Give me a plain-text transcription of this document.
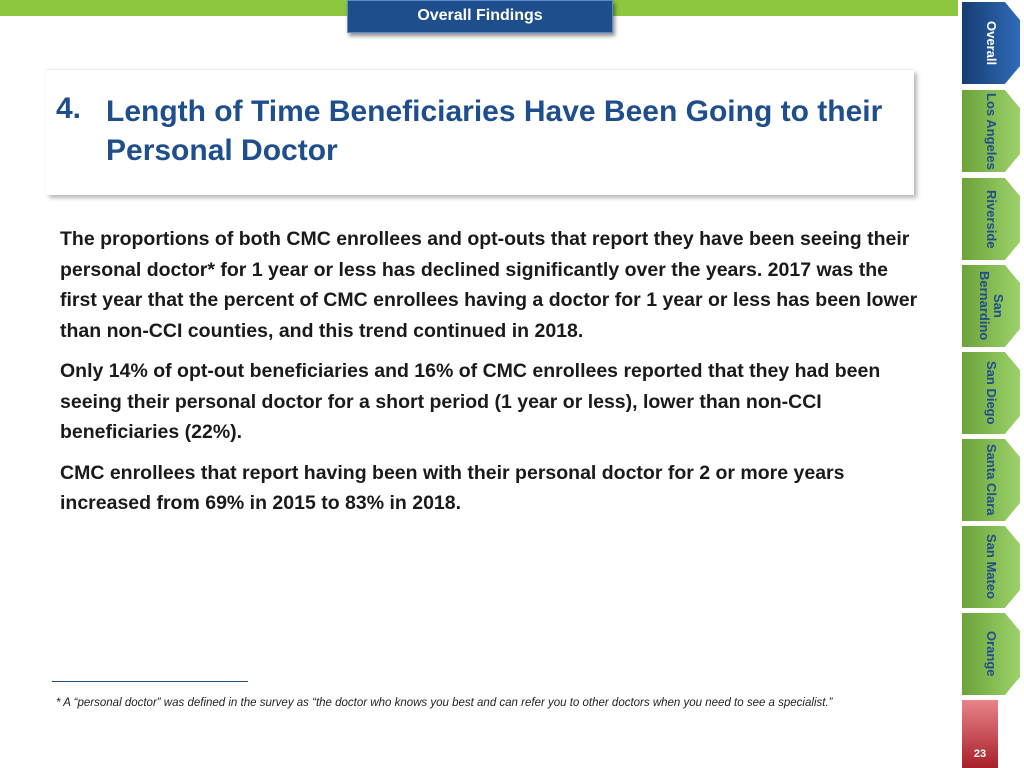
Overall Findings
4. Length of Time Beneficiaries Have Been Going to their Personal Doctor

The proportions of both CMC enrollees and opt-outs that report they have been seeing their personal doctor* for 1 year or less has declined significantly over the years. 2017 was the first year that the percent of CMC enrollees having a doctor for 1 year or less has been lower than non-CCI counties, and this trend continued in 2018.

Only 14% of opt-out beneficiaries and 16% of CMC enrollees reported that they had been seeing their personal doctor for a short period (1 year or less), lower than non-CCI beneficiaries (22%).

CMC enrollees that report having been with their personal doctor for 2 or more years increased from 69% in 2015 to 83% in 2018.

* A “personal doctor” was defined in the survey as “the doctor who knows you best and can refer you to other doctors when you need to see a specialist.”
Overall
Los Angeles
Riverside
San Bernardino
San Diego
Santa Clara
San Mateo
Orange
23
